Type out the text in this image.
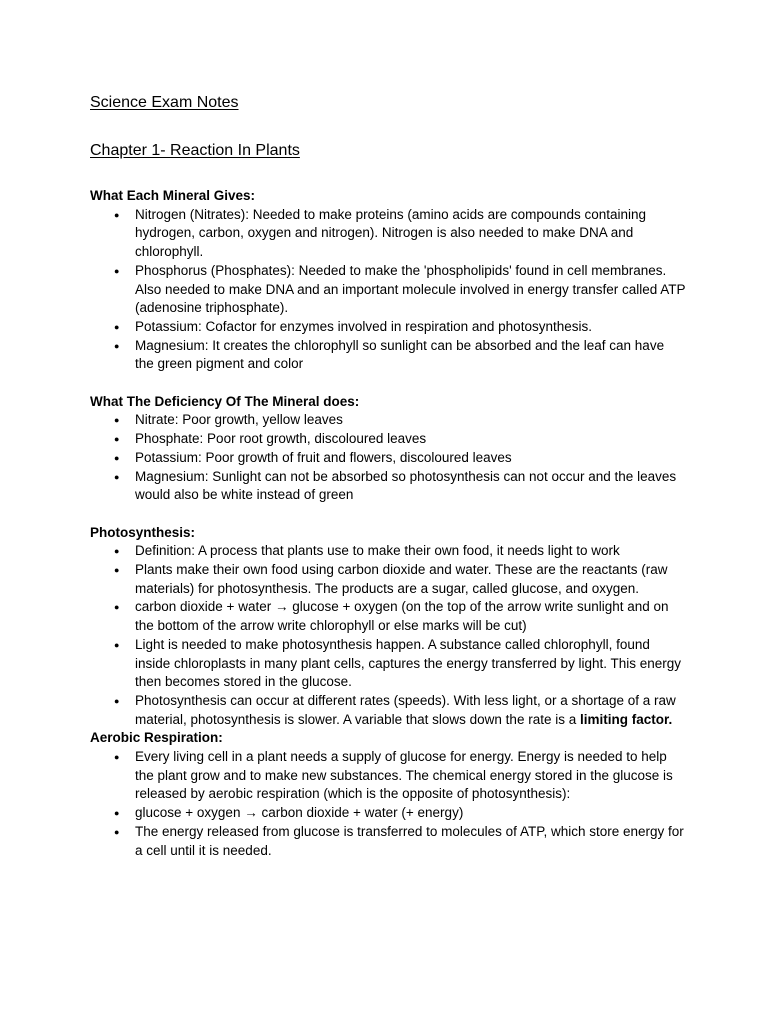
Science Exam Notes
Chapter 1- Reaction In Plants

What Each Mineral Gives:

●
Nitrogen (Nitrates): Needed to make proteins (amino acids are compounds containing hydrogen, carbon, oxygen and nitrogen). Nitrogen is also needed to make DNA and chlorophyll.
●
Phosphorus (Phosphates): Needed to make the 'phospholipids' found in cell membranes. Also needed to make DNA and an important molecule involved in energy transfer called ATP (adenosine triphosphate).
●
Potassium: Cofactor for enzymes involved in respiration and photosynthesis.
●
Magnesium: It creates the chlorophyll so sunlight can be absorbed and the leaf can have the green pigment and color

What The Deficiency Of The Mineral does:

●
Nitrate: Poor growth, yellow leaves
●
Phosphate: Poor root growth, discoloured leaves
●
Potassium: Poor growth of fruit and flowers, discoloured leaves
●
Magnesium: Sunlight can not be absorbed so photosynthesis can not occur and the leaves would also be white instead of green

Photosynthesis:

●
Definition: A process that plants use to make their own food, it needs light to work
●
Plants make their own food using carbon dioxide and water. These are the reactants (raw materials) for photosynthesis. The products are a sugar, called glucose, and oxygen.
●
carbon dioxide + water → glucose + oxygen (on the top of the arrow write sunlight and on the bottom of the arrow write chlorophyll or else marks will be cut)
●
Light is needed to make photosynthesis happen. A substance called chlorophyll, found inside chloroplasts in many plant cells, captures the energy transferred by light. This energy then becomes stored in the glucose.
●
Photosynthesis can occur at different rates (speeds). With less light, or a shortage of a raw material, photosynthesis is slower. A variable that slows down the rate is a limiting factor.

Aerobic Respiration:

●
Every living cell in a plant needs a supply of glucose for energy. Energy is needed to help the plant grow and to make new substances. The chemical energy stored in the glucose is released by aerobic respiration (which is the opposite of photosynthesis):
●
glucose + oxygen → carbon dioxide + water (+ energy)
●
The energy released from glucose is transferred to molecules of ATP, which store energy for a cell until it is needed.
